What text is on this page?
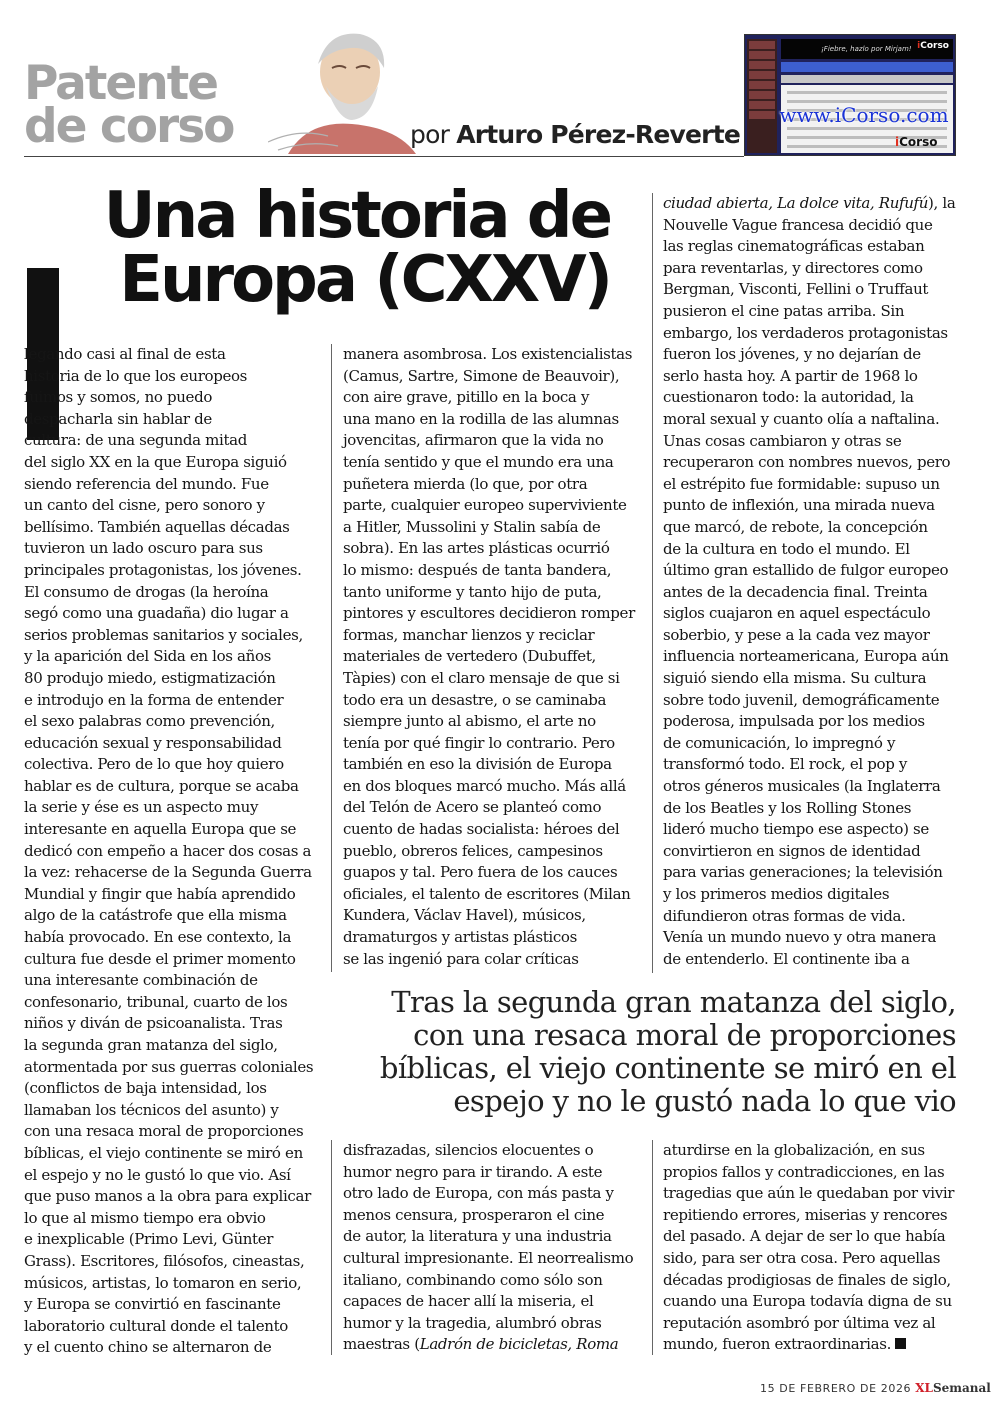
Patente
de corso	por Arturo Pérez-Reverte
¡Fiebre, hazlo por Mirjam! iCorso
www.iCorso.com
iCorso
Una historia de
Europa (CXXV)
legando casi al final de esta
historia de lo que los europeos
fuimos y somos, no puedo
despacharla sin hablar de
cultura: de una segunda mitad
del siglo XX en la que Europa siguió
siendo referencia del mundo. Fue
un canto del cisne, pero sonoro y
bellísimo. También aquellas décadas
tuvieron un lado oscuro para sus
principales protagonistas, los jóvenes.
El consumo de drogas (la heroína
segó como una guadaña) dio lugar a
serios problemas sanitarios y sociales,
y la aparición del Sida en los años
80 produjo miedo, estigmatización
e introdujo en la forma de entender
el sexo palabras como prevención,
educación sexual y responsabilidad
colectiva. Pero de lo que hoy quiero
hablar es de cultura, porque se acaba
la serie y ése es un aspecto muy
interesante en aquella Europa que se
dedicó con empeño a hacer dos cosas a
la vez: rehacerse de la Segunda Guerra
Mundial y fingir que había aprendido
algo de la catástrofe que ella misma
había provocado. En ese contexto, la
cultura fue desde el primer momento
una interesante combinación de
confesonario, tribunal, cuarto de los
niños y diván de psicoanalista. Tras
la segunda gran matanza del siglo,
atormentada por sus guerras coloniales
(conflictos de baja intensidad, los
llamaban los técnicos del asunto) y
con una resaca moral de proporciones
bíblicas, el viejo continente se miró en
el espejo y no le gustó lo que vio. Así
que puso manos a la obra para explicar
lo que al mismo tiempo era obvio
e inexplicable (Primo Levi, Günter
Grass). Escritores, filósofos, cineastas,
músicos, artistas, lo tomaron en serio,
y Europa se convirtió en fascinante
laboratorio cultural donde el talento
y el cuento chino se alternaron de
manera asombrosa. Los existencialistas
(Camus, Sartre, Simone de Beauvoir),
con aire grave, pitillo en la boca y
una mano en la rodilla de las alumnas
jovencitas, afirmaron que la vida no
tenía sentido y que el mundo era una
puñetera mierda (lo que, por otra
parte, cualquier europeo superviviente
a Hitler, Mussolini y Stalin sabía de
sobra). En las artes plásticas ocurrió
lo mismo: después de tanta bandera,
tanto uniforme y tanto hijo de puta,
pintores y escultores decidieron romper
formas, manchar lienzos y reciclar
materiales de vertedero (Dubuffet,
Tàpies) con el claro mensaje de que si
todo era un desastre, o se caminaba
siempre junto al abismo, el arte no
tenía por qué fingir lo contrario. Pero
también en eso la división de Europa
en dos bloques marcó mucho. Más allá
del Telón de Acero se planteó como
cuento de hadas socialista: héroes del
pueblo, obreros felices, campesinos
guapos y tal. Pero fuera de los cauces
oficiales, el talento de escritores (Milan
Kundera, Václav Havel), músicos,
dramaturgos y artistas plásticos
se las ingenió para colar críticas
ciudad abierta, La dolce vita, Rufufú), la
Nouvelle Vague francesa decidió que
las reglas cinematográficas estaban
para reventarlas, y directores como
Bergman, Visconti, Fellini o Truffaut
pusieron el cine patas arriba. Sin
embargo, los verdaderos protagonistas
fueron los jóvenes, y no dejarían de
serlo hasta hoy. A partir de 1968 lo
cuestionaron todo: la autoridad, la
moral sexual y cuanto olía a naftalina.
Unas cosas cambiaron y otras se
recuperaron con nombres nuevos, pero
el estrépito fue formidable: supuso un
punto de inflexión, una mirada nueva
que marcó, de rebote, la concepción
de la cultura en todo el mundo. El
último gran estallido de fulgor europeo
antes de la decadencia final. Treinta
siglos cuajaron en aquel espectáculo
soberbio, y pese a la cada vez mayor
influencia norteamericana, Europa aún
siguió siendo ella misma. Su cultura
sobre todo juvenil, demográficamente
poderosa, impulsada por los medios
de comunicación, lo impregnó y
transformó todo. El rock, el pop y
otros géneros musicales (la Inglaterra
de los Beatles y los Rolling Stones
lideró mucho tiempo ese aspecto) se
convirtieron en signos de identidad
para varias generaciones; la televisión
y los primeros medios digitales
difundieron otras formas de vida.
Venía un mundo nuevo y otra manera
de entenderlo. El continente iba a
Tras la segunda gran matanza del siglo,
con una resaca moral de proporciones
bíblicas, el viejo continente se miró en el
espejo y no le gustó nada lo que vio
disfrazadas, silencios elocuentes o
humor negro para ir tirando. A este
otro lado de Europa, con más pasta y
menos censura, prosperaron el cine
de autor, la literatura y una industria
cultural impresionante. El neorrealismo
italiano, combinando como sólo son
capaces de hacer allí la miseria, el
humor y la tragedia, alumbró obras
maestras (Ladrón de bicicletas, Roma
aturdirse en la globalización, en sus
propios fallos y contradicciones, en las
tragedias que aún le quedaban por vivir
repitiendo errores, miserias y rencores
del pasado. A dejar de ser lo que había
sido, para ser otra cosa. Pero aquellas
décadas prodigiosas de finales de siglo,
cuando una Europa todavía digna de su
reputación asombró por última vez al
mundo, fueron extraordinarias.
15 DE FEBRERO DE 2026 XLSemanal
